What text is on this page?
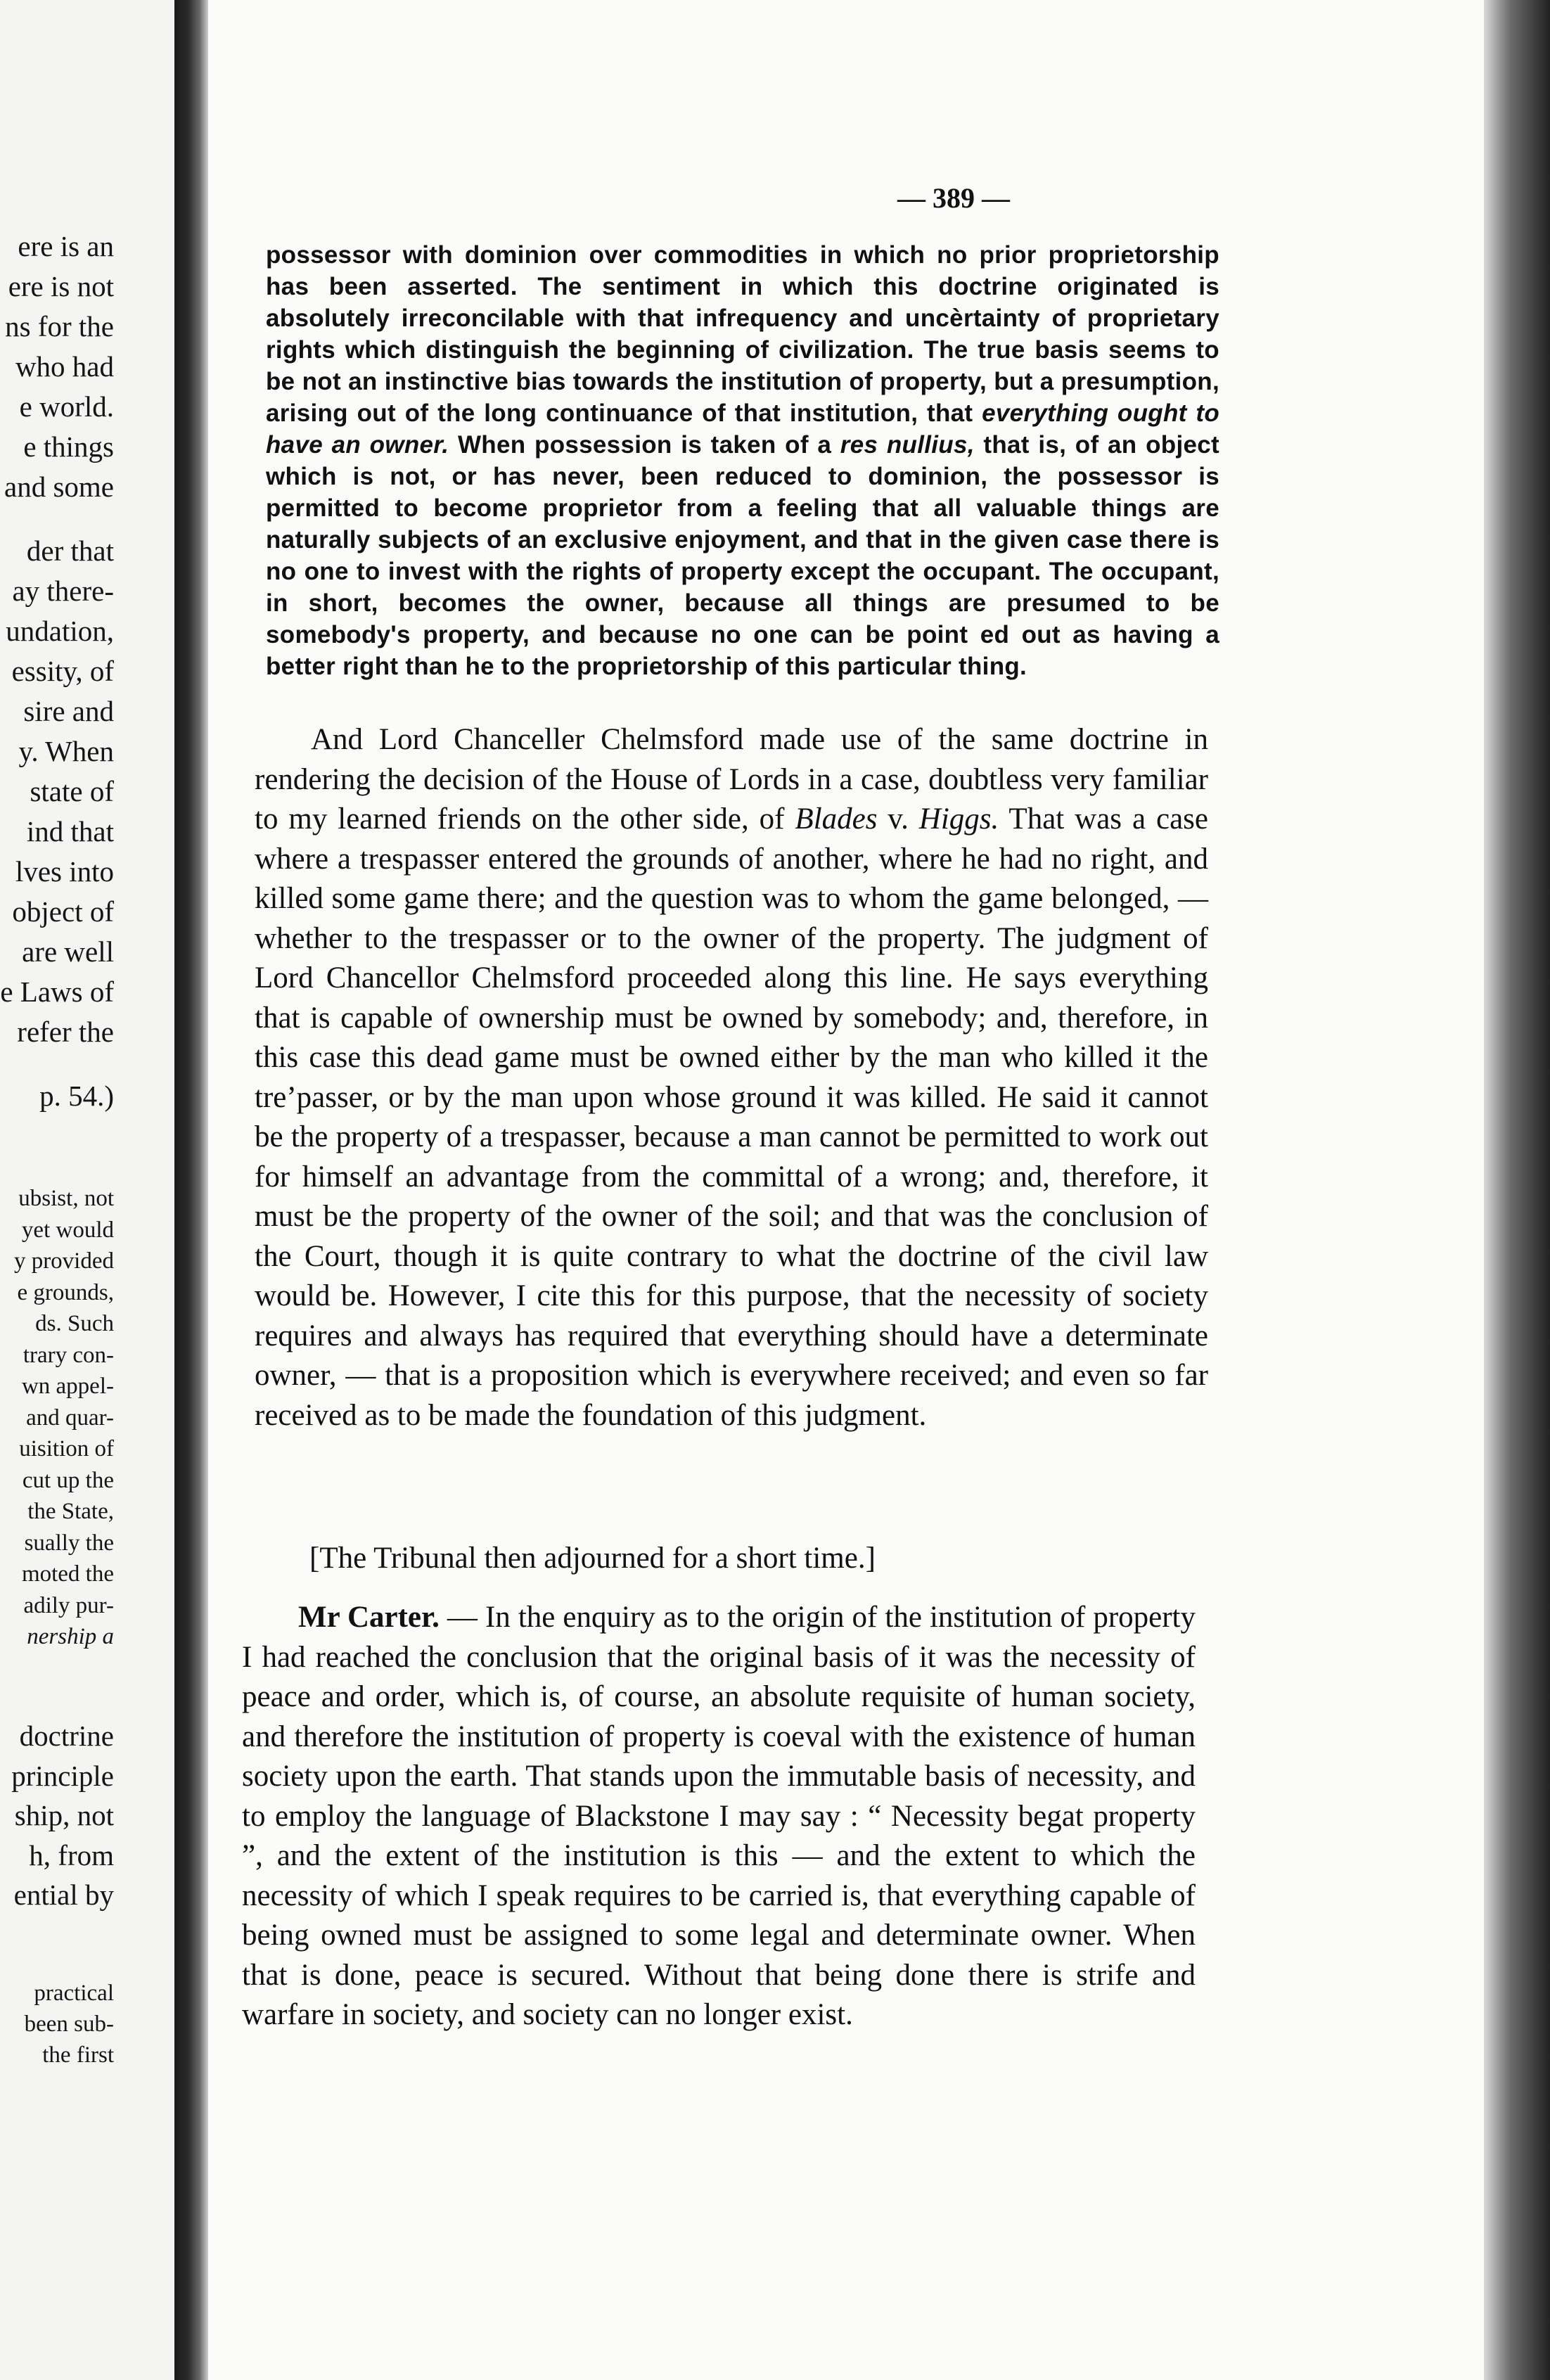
ere is an
ere is not
ns for the
who had
e world.
e things
and some
der that
ay there-
undation,
essity, of
sire and
y. When
state of
ind that
lves into
object of
are well
e Laws of
refer the
p. 54.)
ubsist, not
yet would
y provided
e grounds,
ds. Such
trary con-
wn appel-
and quar-
uisition of
cut up the
the State,
sually the
moted the
adily pur-
nership a
doctrine
principle
ship, not
h, from
ential by
practical
been sub-
the first
— 389 —
possessor with dominion over commodities in which no prior proprietorship has been asserted. The sentiment in which this doctrine originated is absolutely irreconcilable with that infrequency and uncèrtainty of proprietary rights which distinguish the beginning of civilization. The true basis seems to be not an instinctive bias towards the institution of property, but a presumption, arising out of the long continuance of that institution, that everything ought to have an owner. When possession is taken of a res nullius, that is, of an object which is not, or has never, been reduced to dominion, the possessor is permitted to become proprietor from a feeling that all valuable things are naturally subjects of an exclusive enjoyment, and that in the given case there is no one to invest with the rights of property except the occupant. The occupant, in short, becomes the owner, because all things are presumed to be somebody's property, and because no one can be point ed out as having a better right than he to the proprietorship of this particular thing.
And Lord Chanceller Chelmsford made use of the same doctrine in rendering the decision of the House of Lords in a case, doubtless very familiar to my learned friends on the other side, of Blades v. Higgs. That was a case where a trespasser entered the grounds of another, where he had no right, and killed some game there; and the question was to whom the game belonged, — whether to the trespasser or to the owner of the property. The judgment of Lord Chancellor Chelmsford proceeded along this line. He says everything that is capable of ownership must be owned by somebody; and, therefore, in this case this dead game must be owned either by the man who killed it the tre’passer, or by the man upon whose ground it was killed. He said it cannot be the property of a trespasser, because a man cannot be permitted to work out for himself an advantage from the committal of a wrong; and, therefore, it must be the property of the owner of the soil; and that was the conclusion of the Court, though it is quite contrary to what the doctrine of the civil law would be. However, I cite this for this purpose, that the necessity of society requires and always has required that everything should have a determinate owner, — that is a proposition which is everywhere received; and even so far received as to be made the foundation of this judgment.
[The Tribunal then adjourned for a short time.]
Mr Carter. — In the enquiry as to the origin of the institution of property I had reached the conclusion that the original basis of it was the necessity of peace and order, which is, of course, an absolute requisite of human society, and therefore the institution of property is coeval with the existence of human society upon the earth. That stands upon the immutable basis of necessity, and to employ the language of Blackstone I may say : “ Necessity begat property ”, and the extent of the institution is this — and the extent to which the necessity of which I speak requires to be carried is, that everything capable of being owned must be assigned to some legal and determinate owner. When that is done, peace is secured. Without that being done there is strife and warfare in society, and society can no longer exist.
